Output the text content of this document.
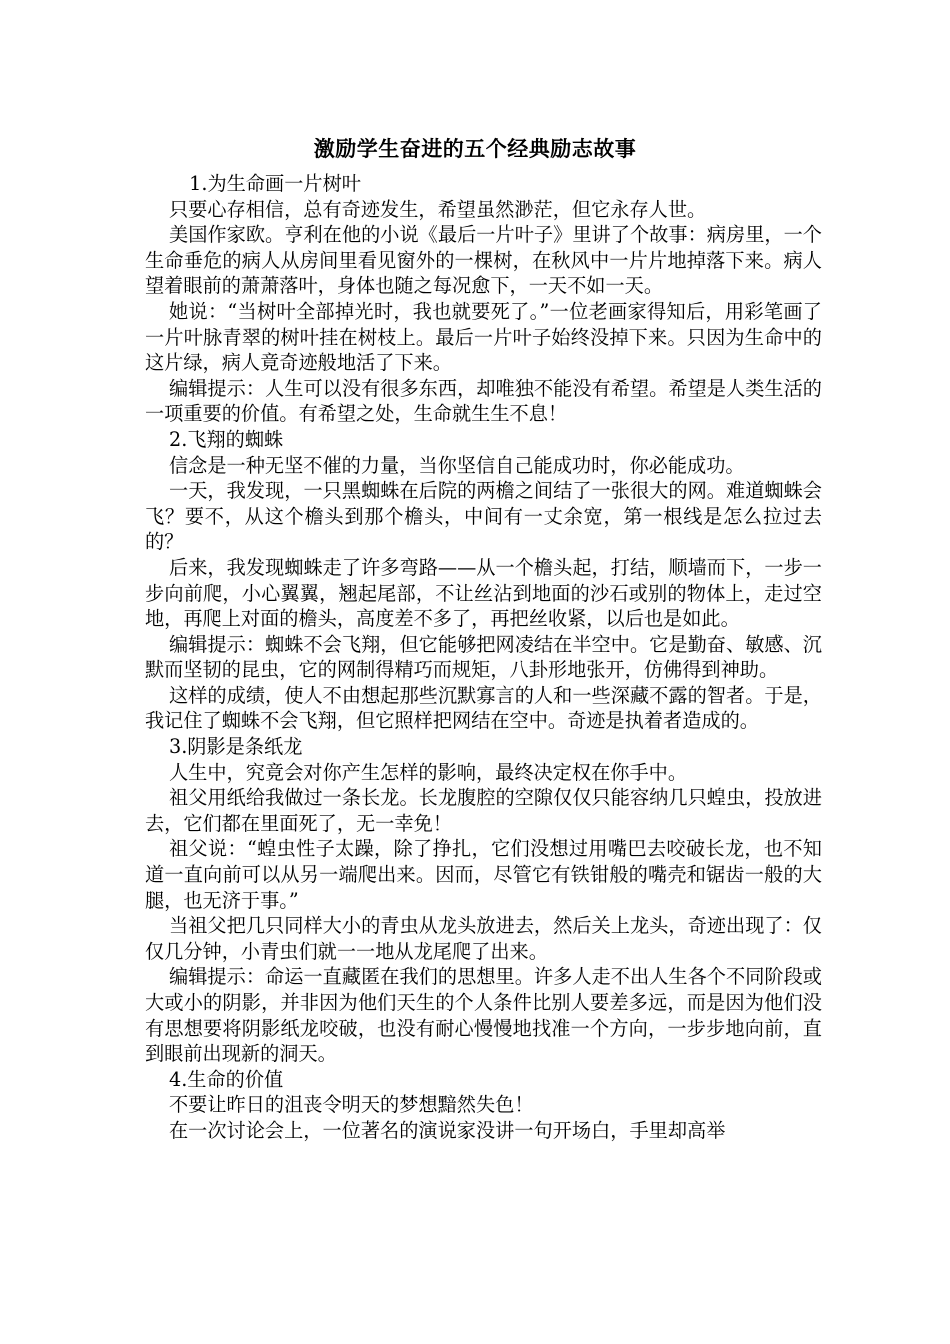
激励学生奋进的五个经典励志故事

1.为生命画一片树叶

只要心存相信，总有奇迹发生，希望虽然渺茫，但它永存人世。

美国作家欧。亨利在他的小说《最后一片叶子》里讲了个故事：病房里，一个生命垂危的病人从房间里看见窗外的一棵树，在秋风中一片片地掉落下来。病人望着眼前的萧萧落叶，身体也随之每况愈下，一天不如一天。

她说：“当树叶全部掉光时，我也就要死了。”一位老画家得知后，用彩笔画了一片叶脉青翠的树叶挂在树枝上。最后一片叶子始终没掉下来。只因为生命中的这片绿，病人竟奇迹般地活了下来。

编辑提示：人生可以没有很多东西，却唯独不能没有希望。希望是人类生活的一项重要的价值。有希望之处，生命就生生不息！

2.飞翔的蜘蛛

信念是一种无坚不催的力量，当你坚信自己能成功时，你必能成功。

一天，我发现，一只黑蜘蛛在后院的两檐之间结了一张很大的网。难道蜘蛛会飞？要不，从这个檐头到那个檐头，中间有一丈余宽，第一根线是怎么拉过去的？

后来，我发现蜘蛛走了许多弯路——从一个檐头起，打结，顺墙而下，一步一步向前爬，小心翼翼，翘起尾部，不让丝沾到地面的沙石或别的物体上，走过空地，再爬上对面的檐头，高度差不多了，再把丝收紧，以后也是如此。

编辑提示：蜘蛛不会飞翔，但它能够把网凌结在半空中。它是勤奋、敏感、沉默而坚韧的昆虫，它的网制得精巧而规矩，八卦形地张开，仿佛得到神助。

这样的成绩，使人不由想起那些沉默寡言的人和一些深藏不露的智者。于是，我记住了蜘蛛不会飞翔，但它照样把网结在空中。奇迹是执着者造成的。

3.阴影是条纸龙

人生中，究竟会对你产生怎样的影响，最终决定权在你手中。

祖父用纸给我做过一条长龙。长龙腹腔的空隙仅仅只能容纳几只蝗虫，投放进去，它们都在里面死了，无一幸免！

祖父说：“蝗虫性子太躁，除了挣扎，它们没想过用嘴巴去咬破长龙，也不知道一直向前可以从另一端爬出来。因而，尽管它有铁钳般的嘴壳和锯齿一般的大腿，也无济于事。”

当祖父把几只同样大小的青虫从龙头放进去，然后关上龙头，奇迹出现了：仅仅几分钟，小青虫们就一一地从龙尾爬了出来。

编辑提示：命运一直藏匿在我们的思想里。许多人走不出人生各个不同阶段或大或小的阴影，并非因为他们天生的个人条件比别人要差多远，而是因为他们没有思想要将阴影纸龙咬破，也没有耐心慢慢地找准一个方向，一步步地向前，直到眼前出现新的洞天。

4.生命的价值

不要让昨日的沮丧令明天的梦想黯然失色！

在一次讨论会上，一位著名的演说家没讲一句开场白，手里却高举
